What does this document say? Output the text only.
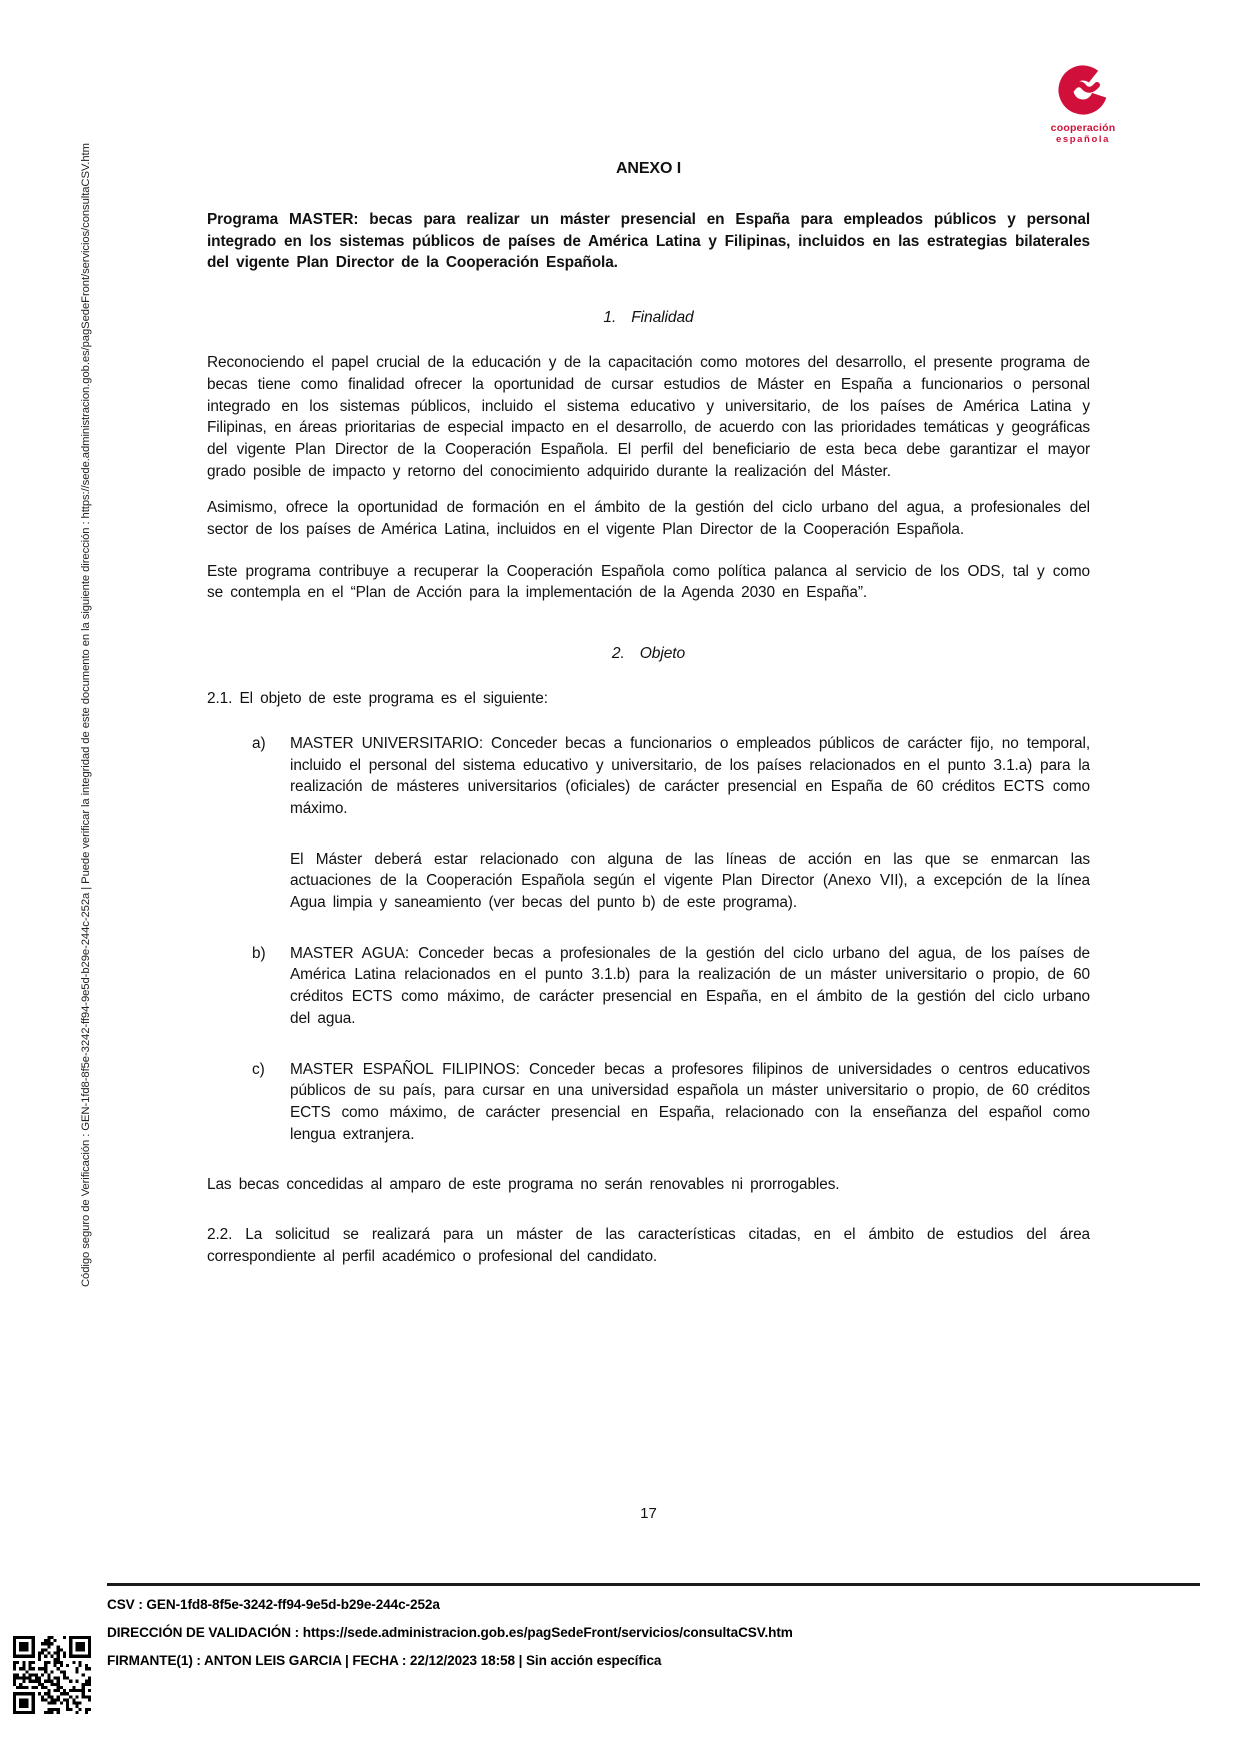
Código seguro de Verificación : GEN-1fd8-8f5e-3242-ff94-9e5d-b29e-244c-252a | Puede verificar la integridad de este documento en la siguiente dirección : https://sede.administracion.gob.es/pagSedeFront/servicios/consultaCSV.htm
cooperación
española
ANEXO I

Programa MASTER: becas para realizar un máster presencial en España para empleados públicos y personal integrado en los sistemas públicos de países de América Latina y Filipinas, incluidos en las estrategias bilaterales del vigente Plan Director de la Cooperación Española.

1. Finalidad

Reconociendo el papel crucial de la educación y de la capacitación como motores del desarrollo, el presente programa de becas tiene como finalidad ofrecer la oportunidad de cursar estudios de Máster en España a funcionarios o personal integrado en los sistemas públicos, incluido el sistema educativo y universitario, de los países de América Latina y Filipinas, en áreas prioritarias de especial impacto en el desarrollo, de acuerdo con las prioridades temáticas y geográficas del vigente Plan Director de la Cooperación Española. El perfil del beneficiario de esta beca debe garantizar el mayor grado posible de impacto y retorno del conocimiento adquirido durante la realización del Máster.

Asimismo, ofrece la oportunidad de formación en el ámbito de la gestión del ciclo urbano del agua, a profesionales del sector de los países de América Latina, incluidos en el vigente Plan Director de la Cooperación Española.

Este programa contribuye a recuperar la Cooperación Española como política palanca al servicio de los ODS, tal y como se contempla en el “Plan de Acción para la implementación de la Agenda 2030 en España”.

2. Objeto

2.1. El objeto de este programa es el siguiente:

a)	MASTER UNIVERSITARIO: Conceder becas a funcionarios o empleados públicos de carácter fijo, no temporal, incluido el personal del sistema educativo y universitario, de los países relacionados en el punto 3.1.a) para la realización de másteres universitarios (oficiales) de carácter presencial en España de 60 créditos ECTS como máximo.

El Máster deberá estar relacionado con alguna de las líneas de acción en las que se enmarcan las actuaciones de la Cooperación Española según el vigente Plan Director (Anexo VII), a excepción de la línea Agua limpia y saneamiento (ver becas del punto b) de este programa).

b)	MASTER AGUA: Conceder becas a profesionales de la gestión del ciclo urbano del agua, de los países de América Latina relacionados en el punto 3.1.b) para la realización de un máster universitario o propio, de 60 créditos ECTS como máximo, de carácter presencial en España, en el ámbito de la gestión del ciclo urbano del agua.
c)	MASTER ESPAÑOL FILIPINOS: Conceder becas a profesores filipinos de universidades o centros educativos públicos de su país, para cursar en una universidad española un máster universitario o propio, de 60 créditos ECTS como máximo, de carácter presencial en España, relacionado con la enseñanza del español como lengua extranjera.

Las becas concedidas al amparo de este programa no serán renovables ni prorrogables.

2.2. La solicitud se realizará para un máster de las características citadas, en el ámbito de estudios del área correspondiente al perfil académico o profesional del candidato.

17
CSV : GEN-1fd8-8f5e-3242-ff94-9e5d-b29e-244c-252a
DIRECCIÓN DE VALIDACIÓN : https://sede.administracion.gob.es/pagSedeFront/servicios/consultaCSV.htm
FIRMANTE(1) : ANTON LEIS GARCIA | FECHA : 22/12/2023 18:58 | Sin acción específica
